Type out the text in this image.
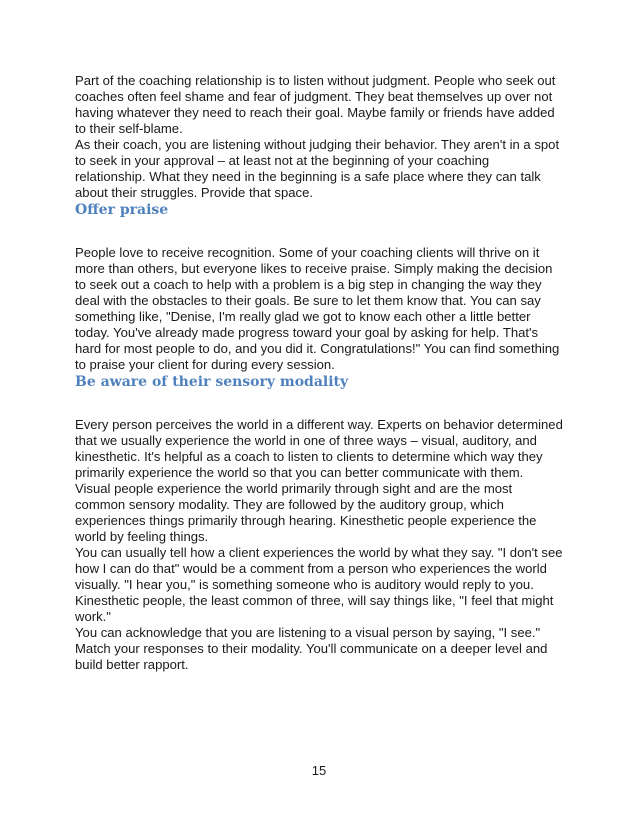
Part of the coaching relationship is to listen without judgment. People who seek out coaches often feel shame and fear of judgment. They beat themselves up over not having whatever they need to reach their goal. Maybe family or friends have added to their self-blame.

As their coach, you are listening without judging their behavior. They aren't in a spot to seek in your approval – at least not at the beginning of your coaching relationship. What they need in the beginning is a safe place where they can talk about their struggles. Provide that space.

Offer praise

People love to receive recognition. Some of your coaching clients will thrive on it more than others, but everyone likes to receive praise. Simply making the decision to seek out a coach to help with a problem is a big step in changing the way they deal with the obstacles to their goals. Be sure to let them know that. You can say something like, "Denise, I'm really glad we got to know each other a little better today. You've already made progress toward your goal by asking for help. That's hard for most people to do, and you did it. Congratulations!" You can find something to praise your client for during every session.

Be aware of their sensory modality

Every person perceives the world in a different way. Experts on behavior determined that we usually experience the world in one of three ways – visual, auditory, and kinesthetic. It's helpful as a coach to listen to clients to determine which way they primarily experience the world so that you can better communicate with them.

Visual people experience the world primarily through sight and are the most common sensory modality. They are followed by the auditory group, which experiences things primarily through hearing. Kinesthetic people experience the world by feeling things.

You can usually tell how a client experiences the world by what they say. "I don't see how I can do that" would be a comment from a person who experiences the world visually. "I hear you," is something someone who is auditory would reply to you. Kinesthetic people, the least common of three, will say things like, "I feel that might work."

You can acknowledge that you are listening to a visual person by saying, "I see." Match your responses to their modality. You'll communicate on a deeper level and build better rapport.

15
